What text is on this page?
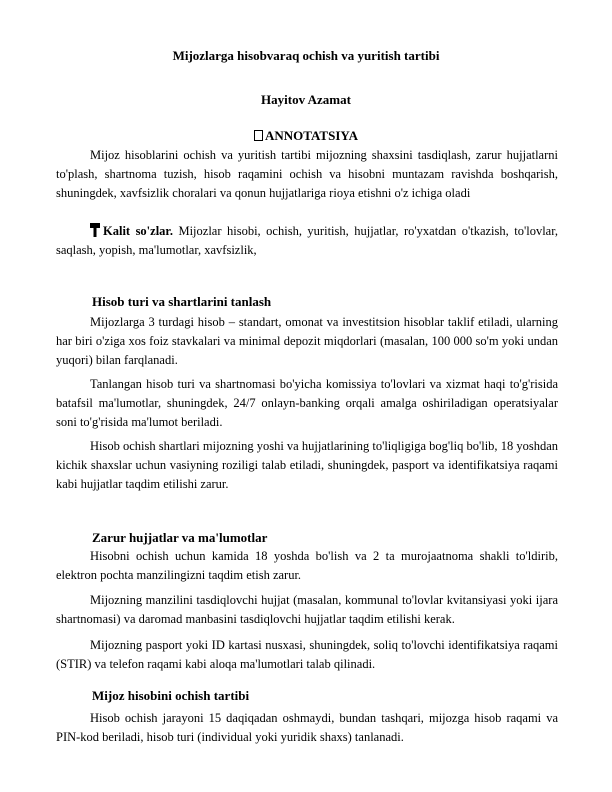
Mijozlarga hisobvaraq ochish va yuritish tartibi
Hayitov Azamat
ANNOTATSIYA

Mijoz hisoblarini ochish va yuritish tartibi mijozning shaxsini tasdiqlash, zarur hujjatlarni to'plash, shartnoma tuzish, hisob raqamini ochish va hisobni muntazam ravishda boshqarish, shuningdek, xavfsizlik choralari va qonun hujjatlariga rioya etishni o'z ichiga oladi

Kalit so'zlar. Mijozlar hisobi, ochish, yuritish, hujjatlar, ro'yxatdan o'tkazish, to'lovlar, saqlash, yopish, ma'lumotlar, xavfsizlik,

Hisob turi va shartlarini tanlash

Mijozlarga 3 turdagi hisob – standart, omonat va investitsion hisoblar taklif etiladi, ularning har biri o'ziga xos foiz stavkalari va minimal depozit miqdorlari (masalan, 100 000 so'm yoki undan yuqori) bilan farqlanadi.

Tanlangan hisob turi va shartnomasi bo'yicha komissiya to'lovlari va xizmat haqi to'g'risida batafsil ma'lumotlar, shuningdek, 24/7 onlayn-banking orqali amalga oshiriladigan operatsiyalar soni to'g'risida ma'lumot beriladi.

Hisob ochish shartlari mijozning yoshi va hujjatlarining to'liqligiga bog'liq bo'lib, 18 yoshdan kichik shaxslar uchun vasiyning roziligi talab etiladi, shuningdek, pasport va identifikatsiya raqami kabi hujjatlar taqdim etilishi zarur.

Zarur hujjatlar va ma'lumotlar

Hisobni ochish uchun kamida 18 yoshda bo'lish va 2 ta murojaatnoma shakli to'ldirib, elektron pochta manzilingizni taqdim etish zarur.

Mijozning manzilini tasdiqlovchi hujjat (masalan, kommunal to'lovlar kvitansiyasi yoki ijara shartnomasi) va daromad manbasini tasdiqlovchi hujjatlar taqdim etilishi kerak.

Mijozning pasport yoki ID kartasi nusxasi, shuningdek, soliq to'lovchi identifikatsiya raqami (STIR) va telefon raqami kabi aloqa ma'lumotlari talab qilinadi.

Mijoz hisobini ochish tartibi

Hisob ochish jarayoni 15 daqiqadan oshmaydi, bundan tashqari, mijozga hisob raqami va PIN-kod beriladi, hisob turi (individual yoki yuridik shaxs) tanlanadi.
